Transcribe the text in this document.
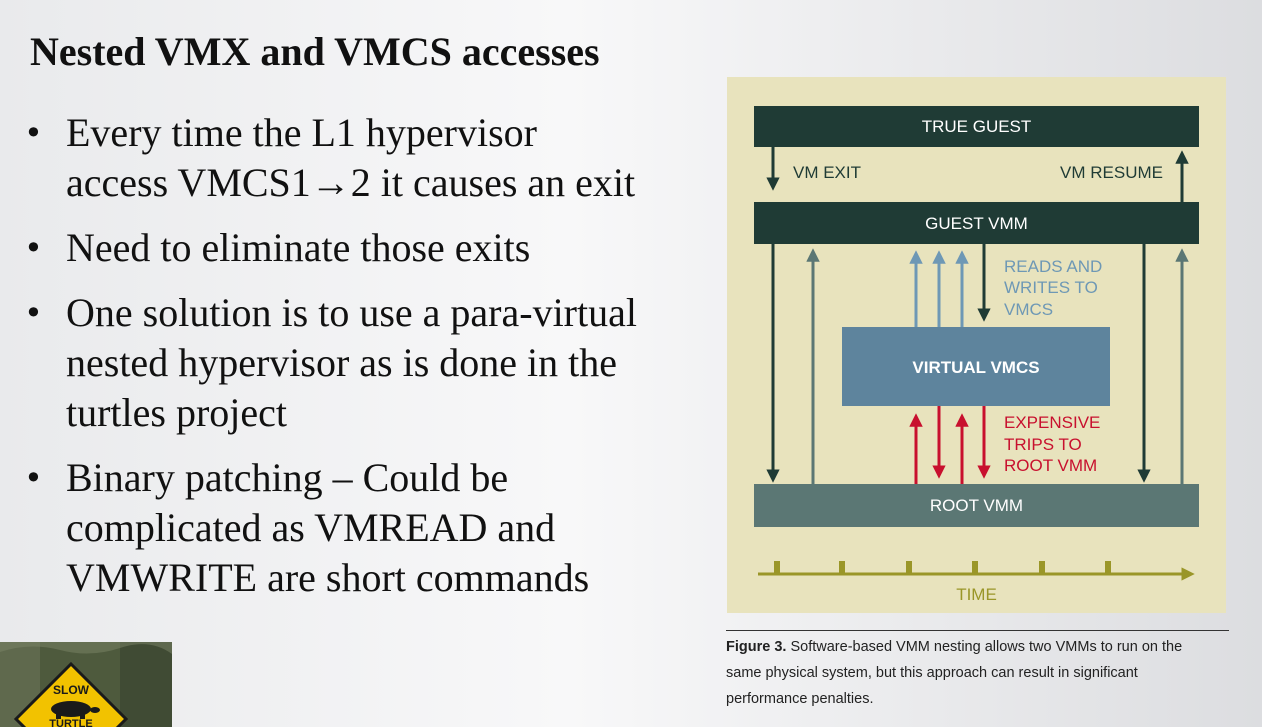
Nested VMX and VMCS accesses
• Every time the L1 hypervisor
access VMCS1→2 it causes an exit
• Need to eliminate those exits
• One solution is to use a para-virtual
nested hypervisor as is done in the
turtles project
• Binary patching – Could be
complicated as VMREAD and
VMWRITE are short commands
TRUE GUEST
VM EXIT	VM RESUME
GUEST VMM
READS AND
WRITES TO
VMCS
VIRTUAL VMCS
EXPENSIVE
TRIPS TO
ROOT VMM
ROOT VMM
TIME
Figure 3. Software-based VMM nesting allows two VMMs to run on the
same physical system, but this approach can result in significant
performance penalties.
SLOW
TURTLE
